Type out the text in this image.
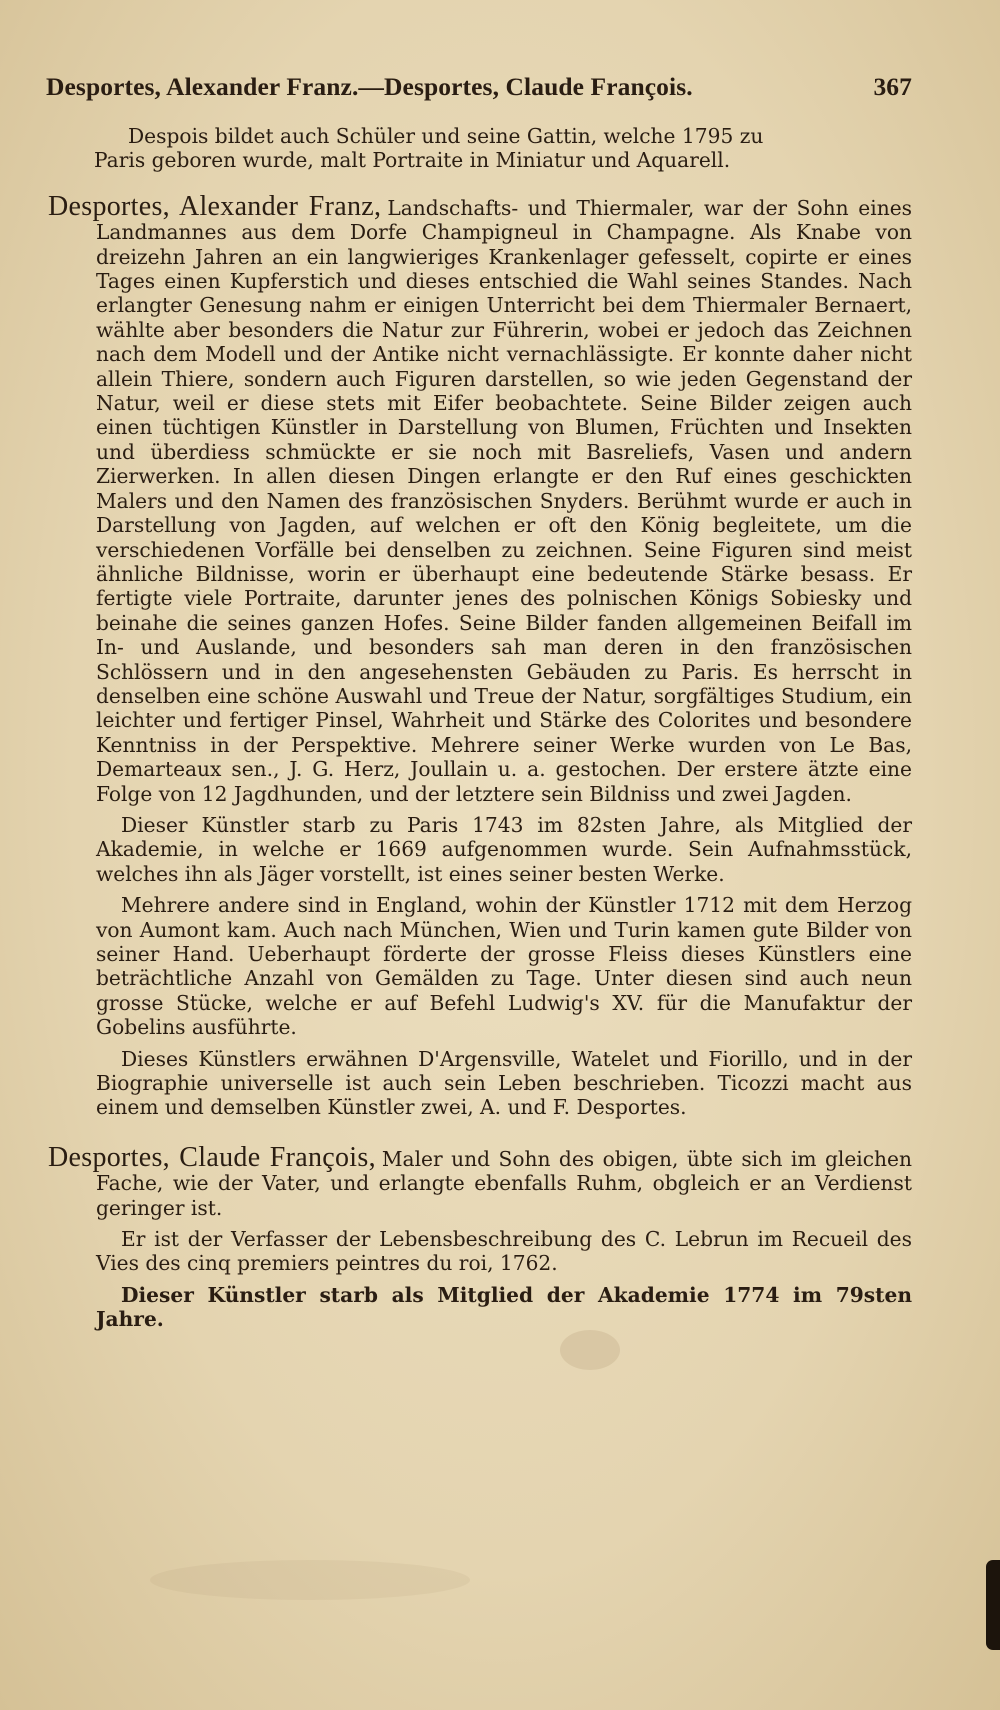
Desportes, Alexander Franz.—Desportes, Claude François.	367

Despois bildet auch Schüler und seine Gattin, welche 1795 zu

Paris geboren wurde, malt Portraite in Miniatur und Aquarell.

Desportes, Alexander Franz, Landschafts- und Thiermaler, war der Sohn eines Landmannes aus dem Dorfe Champigneul in Champagne. Als Knabe von dreizehn Jahren an ein langwieriges Krankenlager gefesselt, copirte er eines Tages einen Kupferstich und dieses entschied die Wahl seines Standes. Nach erlangter Genesung nahm er einigen Unterricht bei dem Thiermaler Bernaert, wählte aber besonders die Natur zur Führerin, wobei er jedoch das Zeichnen nach dem Modell und der Antike nicht vernachlässigte. Er konnte daher nicht allein Thiere, sondern auch Figuren darstellen, so wie jeden Gegenstand der Natur, weil er diese stets mit Eifer beobachtete. Seine Bilder zeigen auch einen tüchtigen Künstler in Darstellung von Blumen, Früchten und Insekten und überdiess schmückte er sie noch mit Basreliefs, Vasen und andern Zierwerken. In allen diesen Dingen erlangte er den Ruf eines geschickten Malers und den Namen des französischen Snyders. Berühmt wurde er auch in Darstellung von Jagden, auf welchen er oft den König begleitete, um die verschiedenen Vorfälle bei denselben zu zeichnen. Seine Figuren sind meist ähnliche Bildnisse, worin er überhaupt eine bedeutende Stärke besass. Er fertigte viele Portraite, darunter jenes des polnischen Königs Sobiesky und beinahe die seines ganzen Hofes. Seine Bilder fanden allgemeinen Beifall im In- und Auslande, und besonders sah man deren in den französischen Schlössern und in den angesehensten Gebäuden zu Paris. Es herrscht in denselben eine schöne Auswahl und Treue der Natur, sorgfältiges Studium, ein leichter und fertiger Pinsel, Wahrheit und Stärke des Colorites und besondere Kenntniss in der Perspektive. Mehrere seiner Werke wurden von Le Bas, Demarteaux sen., J. G. Herz, Joullain u. a. gestochen. Der erstere ätzte eine Folge von 12 Jagdhunden, und der letztere sein Bildniss und zwei Jagden.

Dieser Künstler starb zu Paris 1743 im 82sten Jahre, als Mitglied der Akademie, in welche er 1669 aufgenommen wurde. Sein Aufnahmsstück, welches ihn als Jäger vorstellt, ist eines seiner besten Werke.

Mehrere andere sind in England, wohin der Künstler 1712 mit dem Herzog von Aumont kam. Auch nach München, Wien und Turin kamen gute Bilder von seiner Hand. Ueberhaupt förderte der grosse Fleiss dieses Künstlers eine beträchtliche Anzahl von Gemälden zu Tage. Unter diesen sind auch neun grosse Stücke, welche er auf Befehl Ludwig's XV. für die Manufaktur der Gobelins ausführte.

Dieses Künstlers erwähnen D'Argensville, Watelet und Fiorillo, und in der Biographie universelle ist auch sein Leben beschrieben. Ticozzi macht aus einem und demselben Künstler zwei, A. und F. Desportes.

Desportes, Claude François, Maler und Sohn des obigen, übte sich im gleichen Fache, wie der Vater, und erlangte ebenfalls Ruhm, obgleich er an Verdienst geringer ist.

Er ist der Verfasser der Lebensbeschreibung des C. Lebrun im Recueil des Vies des cinq premiers peintres du roi, 1762.

Dieser Künstler starb als Mitglied der Akademie 1774 im 79sten Jahre.
